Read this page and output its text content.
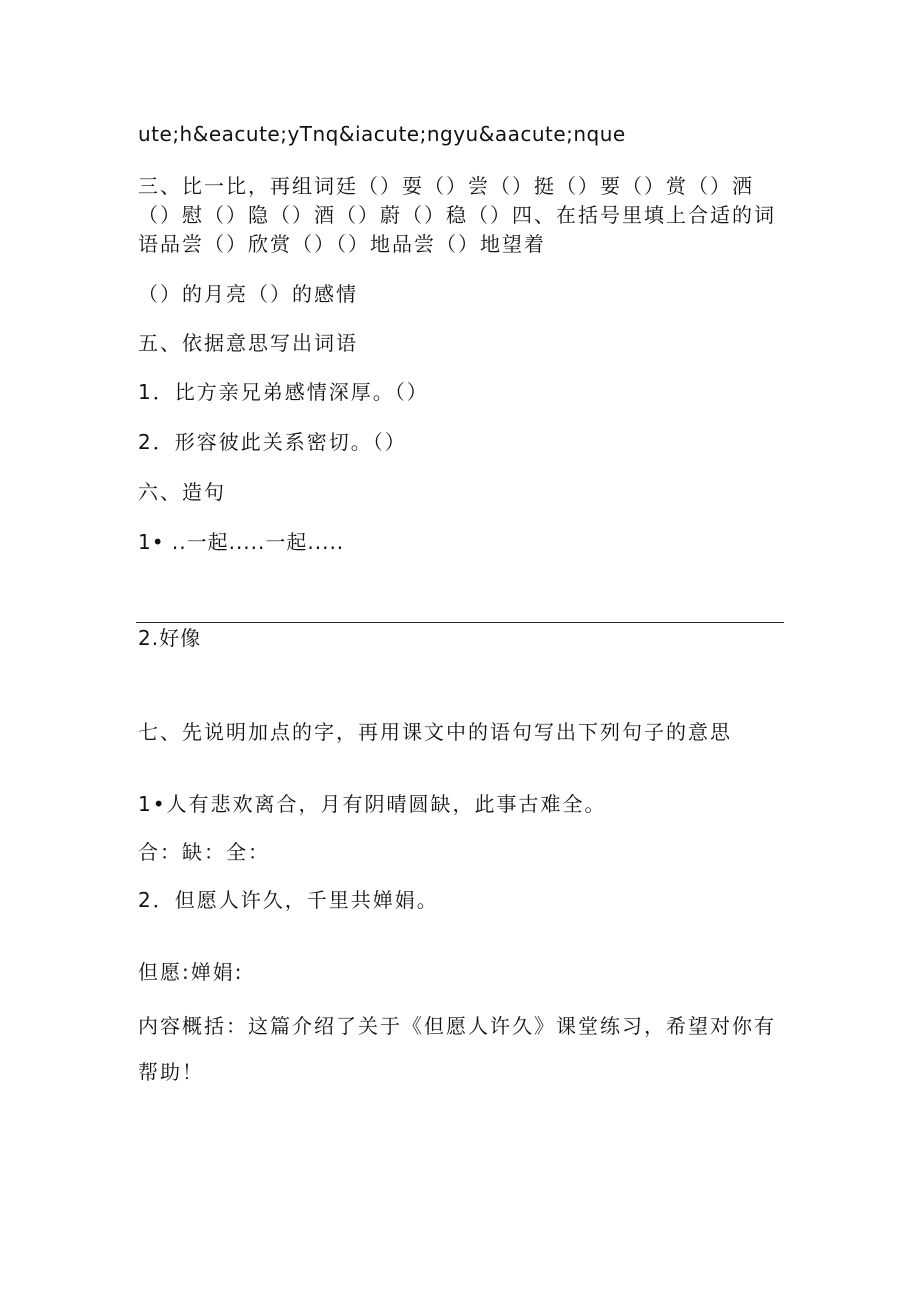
ute;h&eacute;yTnq&iacute;ngyu&aacute;nque
三、比一比，再组词廷（）耍（）尝（）挺（）要（）赏（）洒
（）慰（）隐（）酒（）蔚（）稳（）四、在括号里填上合适的词
语品尝（）欣赏（）（）地品尝（）地望着
（）的月亮（）的感情
五、依据意思写出词语
1．比方亲兄弟感情深厚。（）
2．形容彼此关系密切。（）
六、造句
1• ..一起.....一起.....
2.好像
七、先说明加点的字，再用课文中的语句写出下列句子的意思
1•人有悲欢离合，月有阴晴圆缺，此事古难全。
合：缺：全：
2．但愿人许久，千里共婵娟。
但愿:婵娟:
内容概括：这篇介绍了关于《但愿人许久》课堂练习，希望对你有
帮助！
